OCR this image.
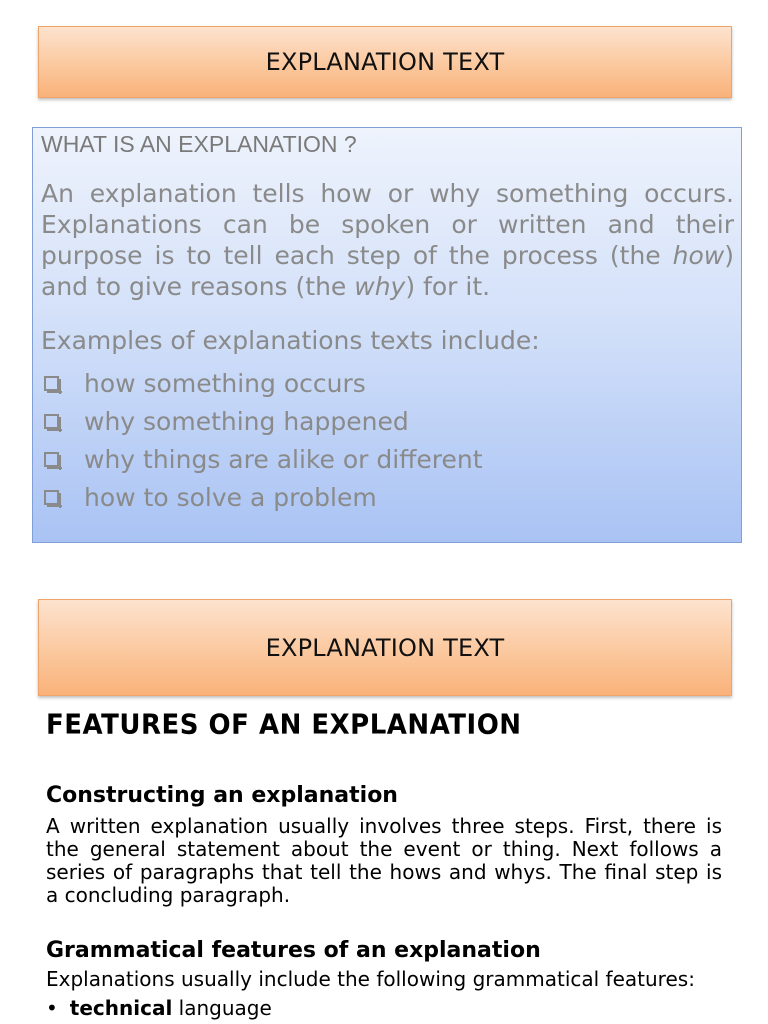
EXPLANATION TEXT
WHAT IS AN EXPLANATION ?

An explanation tells how or why something occurs. Explanations can be spoken or written and their purpose is to tell each step of the process (the how) and to give reasons (the why) for it.

Examples of explanations texts include:
how something occurs
why something happened
why things are alike or different
how to solve a problem
EXPLANATION TEXT
FEATURES OF AN EXPLANATION
Constructing an explanation

A written explanation usually involves three steps. First, there is the general statement about the event or thing. Next follows a series of paragraphs that tell the hows and whys. The final step is a concluding paragraph.

Grammatical features of an explanation

Explanations usually include the following grammatical features:

• technical language
